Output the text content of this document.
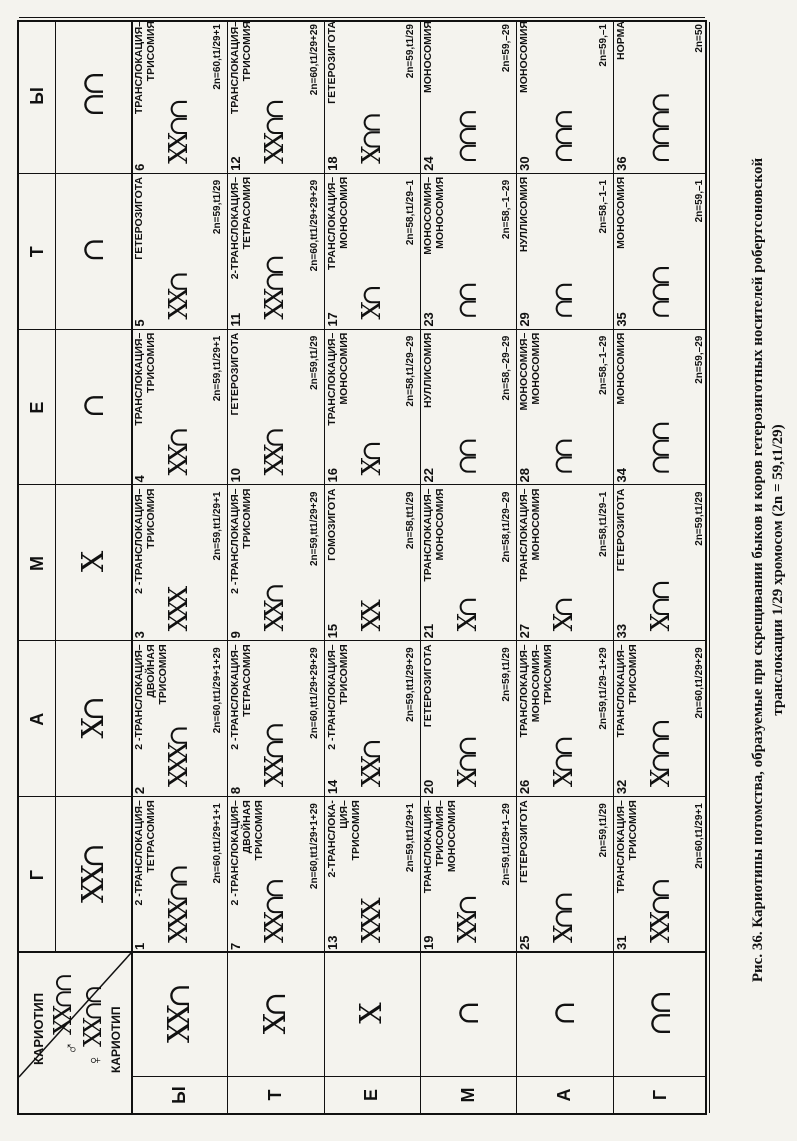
КАРИОТИП	КАРИОТИП
♂
ХХ∩∩
♀
ХХ∩∩
Г ХХ∩
А Х∩
М Х
Е ∩
Т ∩
Ы ∩∩
Ы
ХХ∩
Т
Х∩
Е
Х
М
∩
А
∩
Г
∩∩
1
2 -ТРАНСЛОКАЦИЯ–
ТЕТРАСОМИЯ
ХХХ∩∩
2n=60,tt1/29+1+1
2
2 -ТРАНСЛОКАЦИЯ–
ДВОЙНАЯ
ТРИСОМИЯ
ХХХ∩
2n=60,tt1/29+1+29
3
2 -ТРАНСЛОКАЦИЯ–
ТРИСОМИЯ
ХХХ
2n=59,tt1/29+1
4
ТРАНСЛОКАЦИЯ–
ТРИСОМИЯ
ХХ∩
2n=59,t1/29+1
5
ГЕТЕРОЗИГОТА
ХХ∩
2n=59,t1/29
6
ТРАНСЛОКАЦИЯ–
ТРИСОМИЯ
ХХ∩∩
2n=60,t1/29+1
7
2 -ТРАНСЛОКАЦИЯ–
ДВОЙНАЯ
ТРИСОМИЯ
ХХ∩∩
2n=60,tt1/29+1+29
8
2 -ТРАНСЛОКАЦИЯ–
ТЕТРАСОМИЯ
ХХ∩∩
2n=60,tt1/29+29+29
9
2 -ТРАНСЛОКАЦИЯ–
ТРИСОМИЯ
ХХ∩
2n=59,tt1/29+29
10
ГЕТЕРОЗИГОТА
ХХ∩
2n=59,t1/29
11
2-ТРАНСЛОКАЦИЯ–
ТЕТРАСОМИЯ
ХХ∩∩
2n=60,tt1/29+29+29
12
ТРАНСЛОКАЦИЯ–
ТРИСОМИЯ
ХХ∩∩
2n=60,t1/29+29
13
2-ТРАНСЛОКА-
ЦИЯ–
ТРИСОМИЯ
ХХХ
2n=59,tt1/29+1
14
2 -ТРАНСЛОКАЦИЯ–
ТРИСОМИЯ
ХХ∩
2n=59,tt1/29+29
15
ГОМОЗИГОТА
ХХ
2n=58,tt1/29
16
ТРАНСЛОКАЦИЯ–
МОНОСОМИЯ
Х∩
2n=58,t1/29–29
17
ТРАНСЛОКАЦИЯ–
МОНОСОМИЯ
Х∩
2n=58,t1/29–1
18
ГЕТЕРОЗИГОТА
Х∩∩
2n=59,t1/29
19
ТРАНСЛОКАЦИЯ–
ТРИСОМИЯ–
МОНОСОМИЯ
ХХ∩
2n=59,t1/29+1–29
20
ГЕТЕРОЗИГОТА
Х∩∩
2n=59,t1/29
21
ТРАНСЛОКАЦИЯ–
МОНОСОМИЯ
Х∩
2n=58,t1/29–29
22
НУЛЛИСОМИЯ
∩∩
2n=58,–29–29
23
МОНОСОМИЯ–
МОНОСОМИЯ
∩∩
2n=58,–1–29
24
МОНОСОМИЯ
∩∩∩
2n=59,–29
25
ГЕТЕРОЗИГОТА
Х∩∩
2n=59,t1/29
26
ТРАНСЛОКАЦИЯ–
МОНОСОМИЯ–
ТРИСОМИЯ
Х∩∩
2n=59,t1/29–1+29
27
ТРАНСЛОКАЦИЯ–
МОНОСОМИЯ
Х∩
2n=58,t1/29–1
28
МОНОСОМИЯ–
МОНОСОМИЯ
∩∩
2n=58,–1–29
29
НУЛЛИСОМИЯ
∩∩
2n=58,–1–1
30
МОНОСОМИЯ
∩∩∩
2n=59,–1
31
ТРАНСЛОКАЦИЯ–
ТРИСОМИЯ
ХХ∩∩
2n=60,t1/29+1
32
ТРАНСЛОКАЦИЯ–
ТРИСОМИЯ
Х∩∩∩
2n=60,t1/29+29
33
ГЕТЕРОЗИГОТА
Х∩∩
2n=59,t1/29
34
МОНОСОМИЯ
∩∩∩
2n=59,–29
35
МОНОСОМИЯ
∩∩∩
2n=59,–1
36
НОРМА
∩∩∩∩
2n=50
Рис. 36. Кариотипы потомства, образуемые при скрещивании быков и коров гетерозиготных носителей робертсоновской транслокации 1/29 хромосом (2n = 59,t1/29)
